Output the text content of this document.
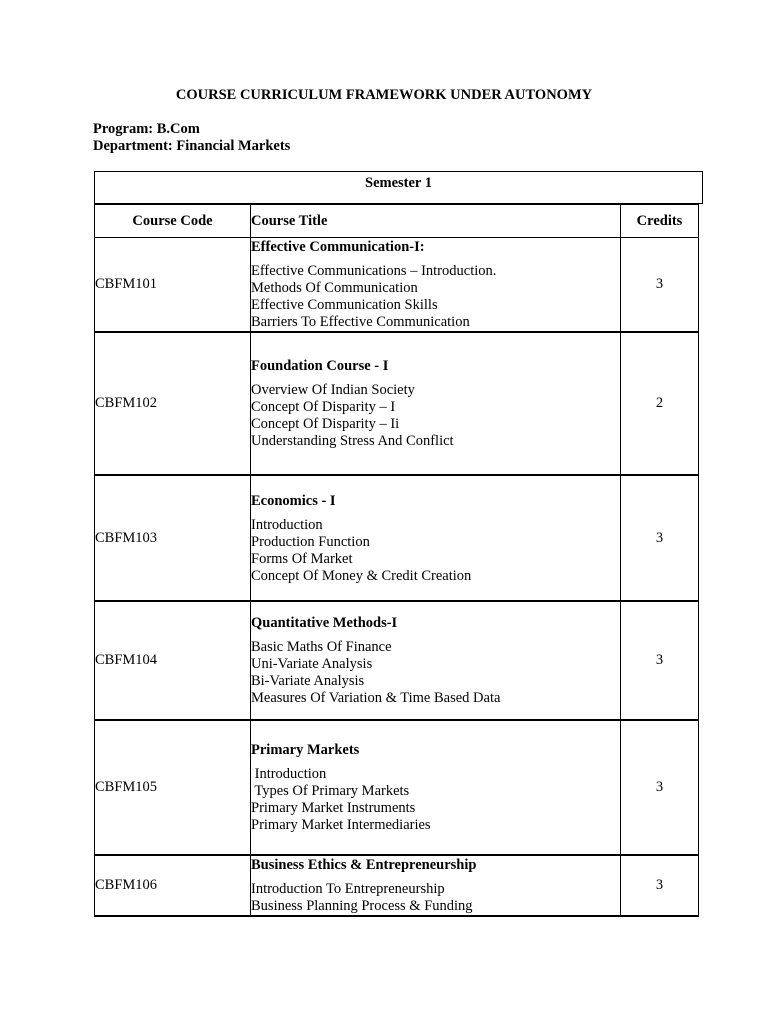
COURSE CURRICULUM FRAMEWORK UNDER AUTONOMY
Program: B.Com
Department: Financial Markets
Semester 1
Course Code	Course Title	Credits
CBFM101	Effective Communication-I:
Effective Communications – Introduction.
Methods Of Communication
Effective Communication Skills
Barriers To Effective Communication	3
CBFM102	Foundation Course - I
Overview Of Indian Society
Concept Of Disparity – I
Concept Of Disparity – Ii
Understanding Stress And Conflict	2
CBFM103	Economics - I
Introduction
Production Function
Forms Of Market
Concept Of Money & Credit Creation	3
CBFM104	Quantitative Methods-I
Basic Maths Of Finance
Uni-Variate Analysis
Bi-Variate Analysis
Measures Of Variation & Time Based Data	3
CBFM105	Primary Markets
Introduction
Types Of Primary Markets
Primary Market Instruments
Primary Market Intermediaries	3
CBFM106	Business Ethics & Entrepreneurship
Introduction To Entrepreneurship
Business Planning Process & Funding	3
